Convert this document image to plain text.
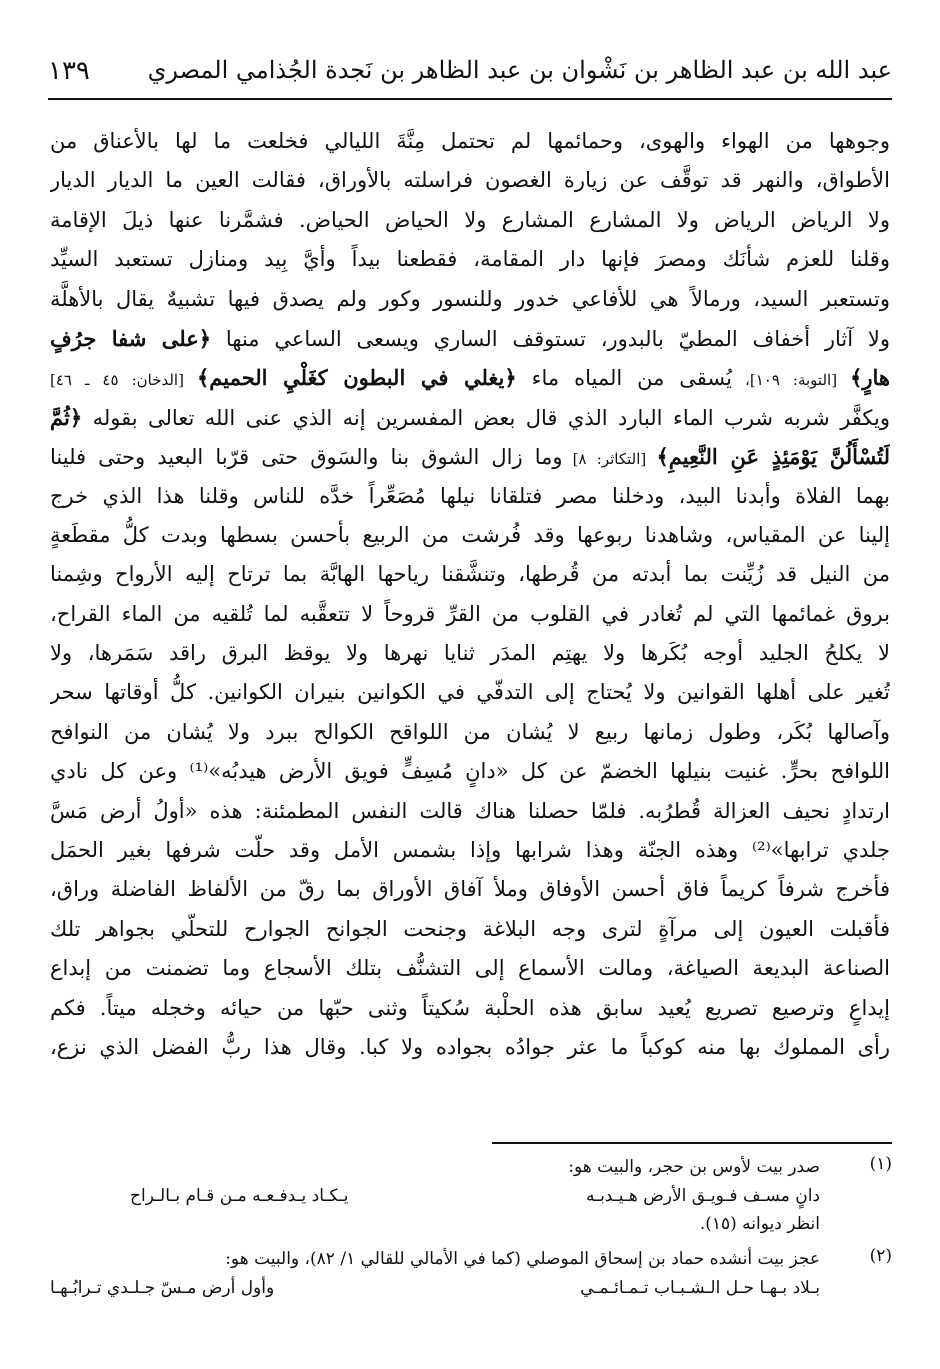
عبد الله بن عبد الظاهر بن نَشْوان بن عبد الظاهر بن نَجدة الجُذامي المصري
١٣٩
وجوهها من الهواء والهوى، وحمائمها لم تحتمل مِنَّةَ الليالي فخلعت ما لها بالأعناق من
الأطواق، والنهر قد توقَّف عن زيارة الغصون فراسلته بالأوراق، فقالت العين ما الديار الديار
ولا الرياض الرياض ولا المشارع المشارع ولا الحياض الحياض. فشمَّرنا عنها ذيلَ الإقامة
وقلنا للعزم شأنَك ومصرَ فإنها دار المقامة، فقطعنا بيداً وأيَّ بِيد ومنازل تستعبد السيِّد
وتستعبر السيد، ورمالاً هي للأفاعي خدور وللنسور وكور ولم يصدق فيها تشبيهٌ يقال بالأهلَّة
ولا آثار أخفاف المطيّ بالبدور، تستوقف الساري ويسعى الساعي منها ﴿على شفا جرُفٍ
هارٍ﴾ [التوبة: ١٠٩]، يُسقى من المياه ماء ﴿يغلي في البطون كغَلْيِ الحميم﴾ [الدخان: ٤٥ ـ ٤٦]
ويكفَّر شربه شرب الماء البارد الذي قال بعض المفسرين إنه الذي عنى الله تعالى بقوله ﴿ثُمَّ
لَتُسْأَلُنَّ يَوْمَئِذٍ عَنِ النَّعِيمِ﴾ [التكاثر: ٨] وما زال الشوق بنا والسَوق حتى قرّبا البعيد وحتى فلينا
بهما الفلاة وأبدنا البيد، ودخلنا مصر فتلقانا نيلها مُصَعِّراً خدَّه للناس وقلنا هذا الذي خرج
إلينا عن المقياس، وشاهدنا ربوعها وقد فُرشت من الربيع بأحسن بسطها وبدت كلُّ مقطَعةٍ
من النيل قد زُيِّنت بما أبدته من قُرطها، وتنشَّقنا رياحها الهابَّة بما ترتاح إليه الأرواح وشِمنا
بروق غمائمها التي لم تُغادر في القلوب من القرِّ قروحاً لا تتعقَّبه لما تُلقيه من الماء القراح،
لا يكلحُ الجليد أوجه بُكَرها ولا يهتِم المدَر ثنايا نهرها ولا يوقظ البرق راقد سَمَرها، ولا
تُغير على أهلها القوانين ولا يُحتاج إلى التدفّي في الكوانين بنيران الكوانين. كلُّ أوقاتها سحر
وآصالها بُكَر، وطول زمانها ربيع لا يُشان من اللواقح الكوالح ببرد ولا يُشان من النوافح
اللوافح بحرٍّ. غنيت بنيلها الخضمّ عن كل «دانٍ مُسِفٍّ فويق الأرض هيدبُه»⁽¹⁾ وعن كل نادي
ارتدادٍ نحيف العزالة قُطرُبه. فلمّا حصلنا هناك قالت النفس المطمئنة: هذه «أولُ أرض مَسَّ
جلدي ترابها»⁽²⁾ وهذه الجنّة وهذا شرابها وإذا بشمس الأمل وقد حلّت شرفها بغير الحمَل
فأخرج شرفاً كريماً فاق أحسن الأوفاق وملأ آفاق الأوراق بما رقّ من الألفاظ الفاضلة وراق،
فأقبلت العيون إلى مرآةٍ لترى وجه البلاغة وجنحت الجوانح الجوارح للتحلّي بجواهر تلك
الصناعة البديعة الصياغة، ومالت الأسماع إلى التشنُّف بتلك الأسجاع وما تضمنت من إبداع
إيداعٍ وترصيع تصريع يُعيد سابق هذه الحلْبة سُكيتاً وثنى حبّها من حيائه وخجله ميتاً. فكم
رأى المملوك بها منه كوكباً ما عثر جوادُه بجواده ولا كبا. وقال هذا ربُّ الفضل الذي نزع،
(١)
صدر بيت لأوس بن حجر، والبيت هو:
دانٍ مسـف فـويـق الأرض هـيـدبـه
يـكـاد يـدفـعـه مـن قـام بـالـراح
انظر ديوانه (١٥).
(٢)
عجز بيت أنشده حماد بن إسحاق الموصلي (كما في الأمالي للقالي ١/ ٨٢)، والبيت هو:
بـلاد بـهـا حـل الـشـبـاب تـمـائـمـي
وأول أرض مـسّ جـلـدي تـرابُـهـا
